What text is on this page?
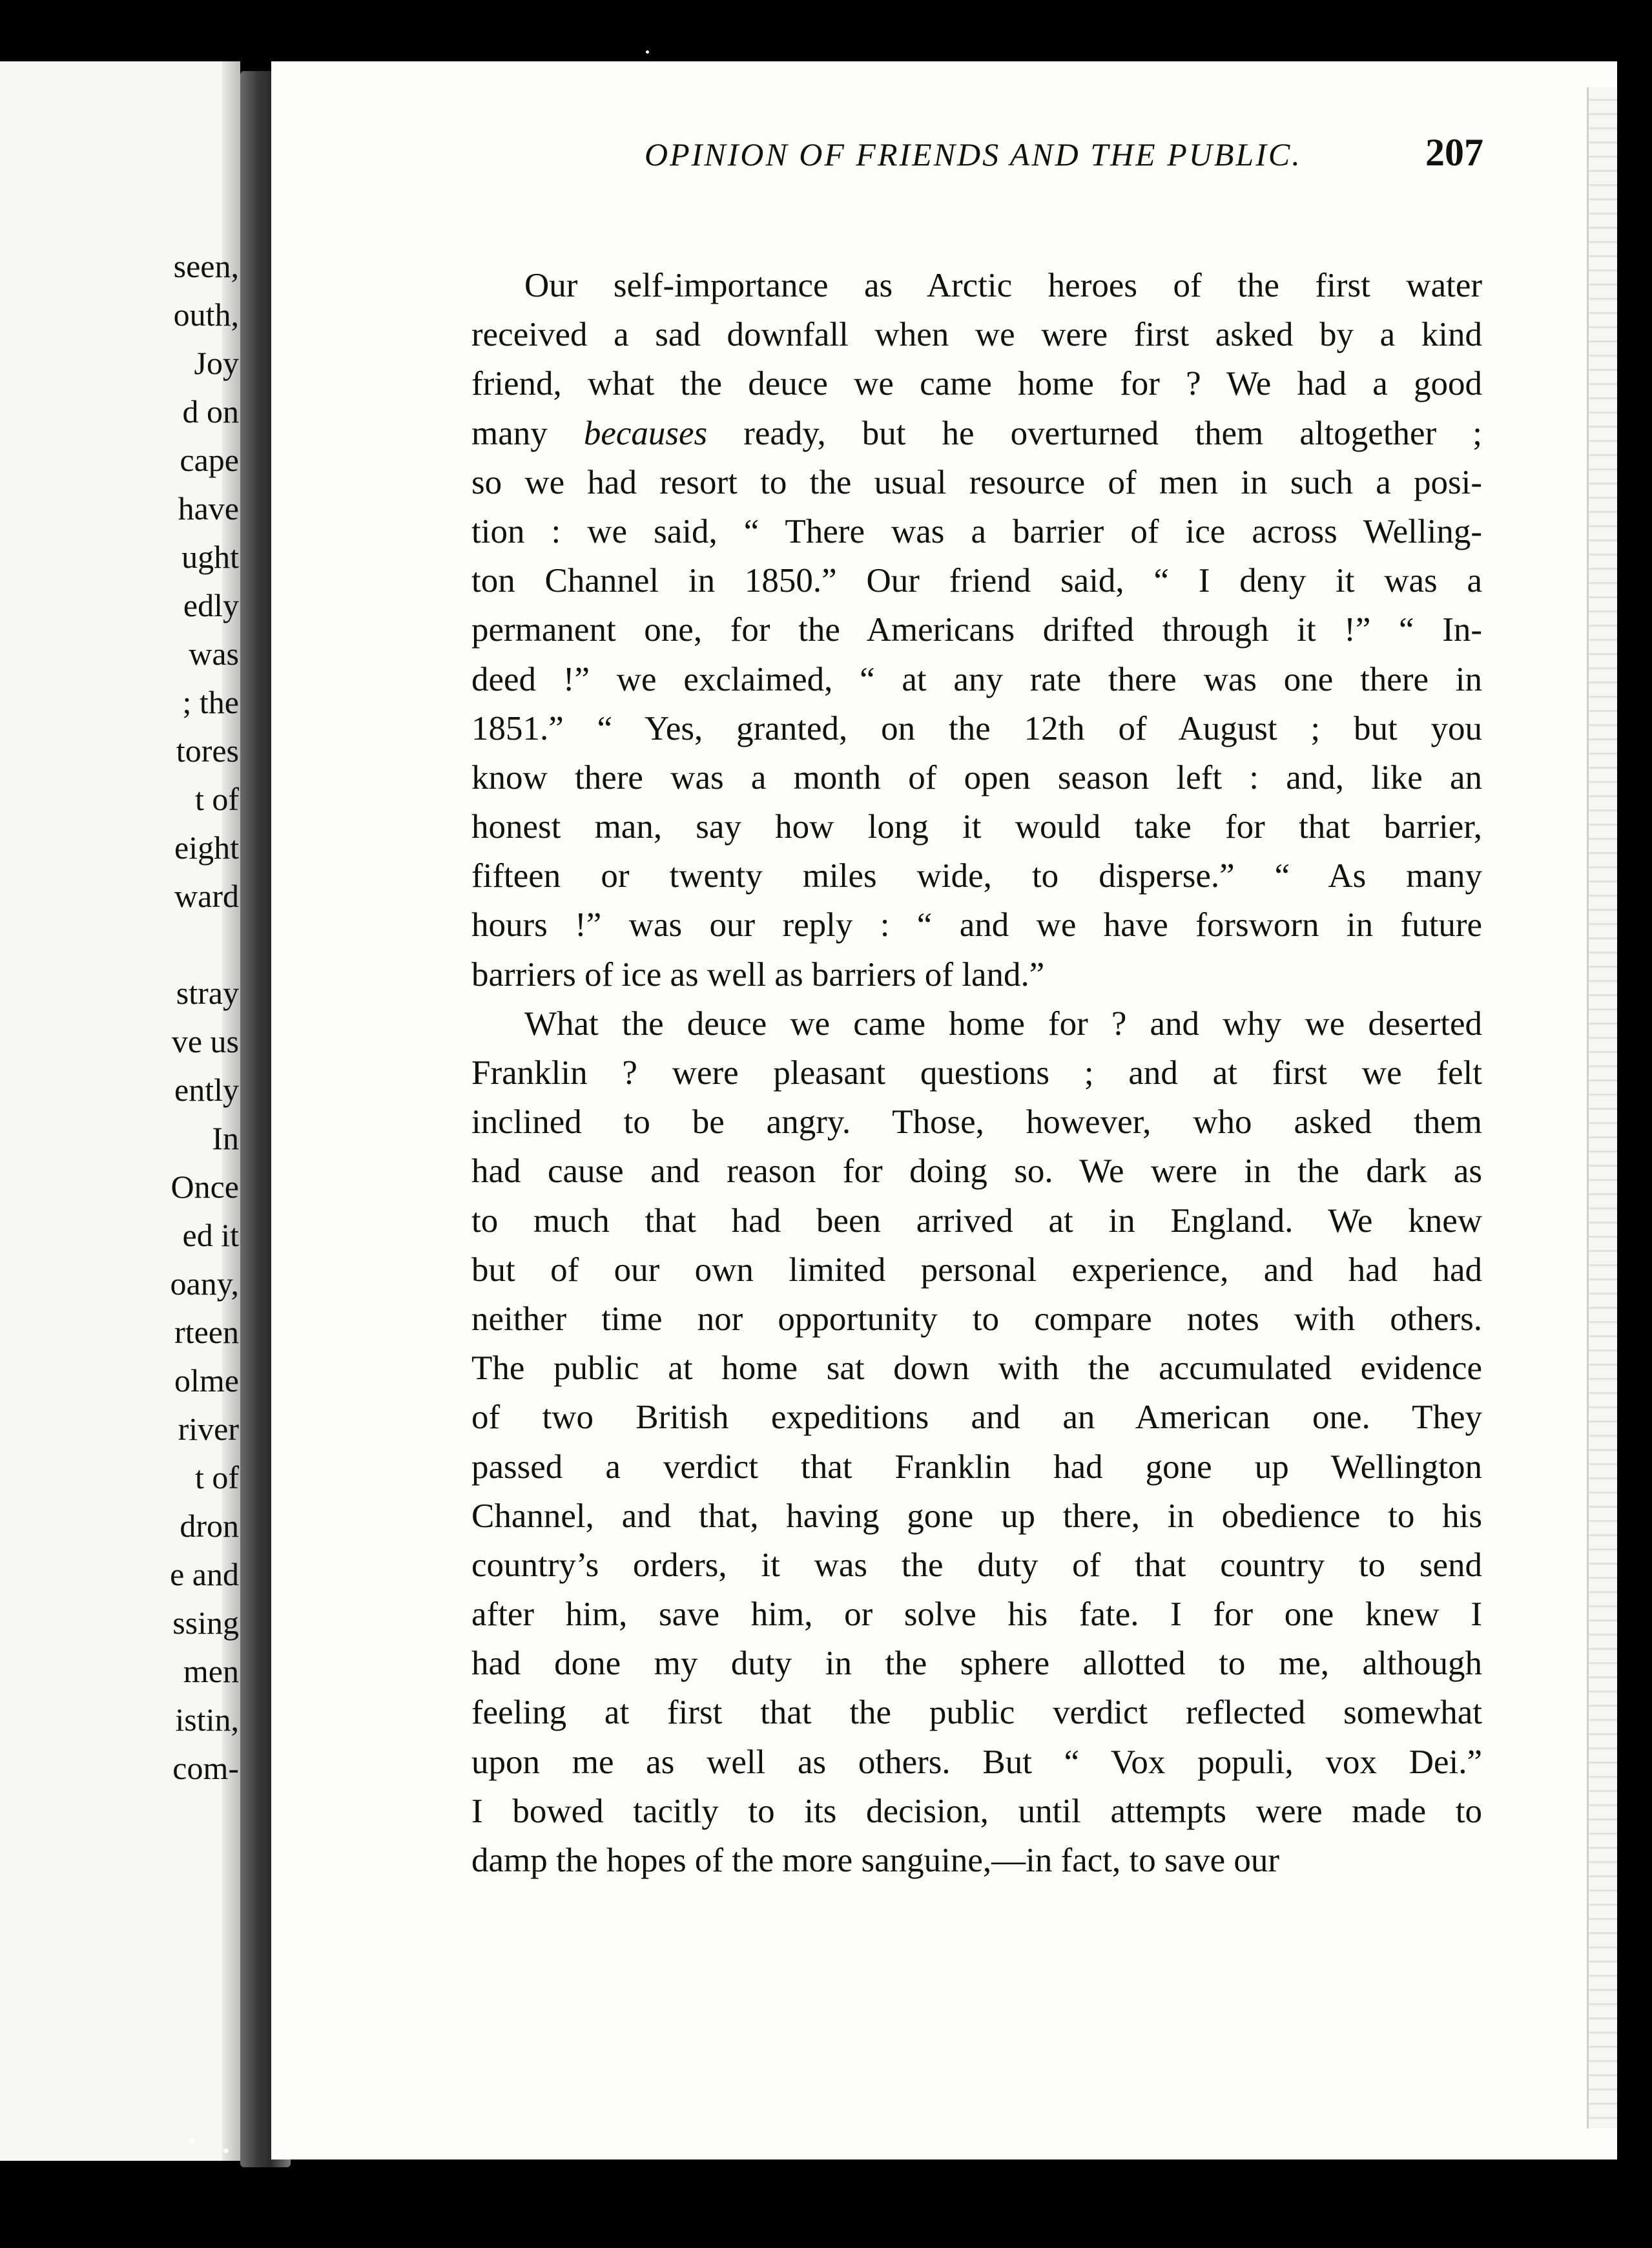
seen,
outh,
Joy
d on
cape
have
ught
edly
was
; the
tores
t of
eight
ward
stray
ve us
ently
In
Once
ed it
oany,
rteen
olme
river
t of
dron
e and
ssing
men
istin,
com-
OPINION OF FRIENDS AND THE PUBLIC.	207
Our self-importance as Arctic heroes of the first water
received a sad downfall when we were first asked by a kind
friend, what the deuce we came home for ? We had a good
many becauses ready, but he overturned them altogether ;
so we had resort to the usual resource of men in such a posi-
tion : we said, “ There was a barrier of ice across Welling-
ton Channel in 1850.” Our friend said, “ I deny it was a
permanent one, for the Americans drifted through it !” “ In-
deed !” we exclaimed, “ at any rate there was one there in
1851.” “ Yes, granted, on the 12th of August ; but you
know there was a month of open season left : and, like an
honest man, say how long it would take for that barrier,
fifteen or twenty miles wide, to disperse.” “ As many
hours !” was our reply : “ and we have forsworn in future
barriers of ice as well as barriers of land.”
What the deuce we came home for ? and why we deserted
Franklin ? were pleasant questions ; and at first we felt
inclined to be angry. Those, however, who asked them
had cause and reason for doing so. We were in the dark as
to much that had been arrived at in England. We knew
but of our own limited personal experience, and had had
neither time nor opportunity to compare notes with others.
The public at home sat down with the accumulated evidence
of two British expeditions and an American one. They
passed a verdict that Franklin had gone up Wellington
Channel, and that, having gone up there, in obedience to his
country’s orders, it was the duty of that country to send
after him, save him, or solve his fate. I for one knew I
had done my duty in the sphere allotted to me, although
feeling at first that the public verdict reflected somewhat
upon me as well as others. But “ Vox populi, vox Dei.”
I bowed tacitly to its decision, until attempts were made to
damp the hopes of the more sanguine,—in fact, to save our
